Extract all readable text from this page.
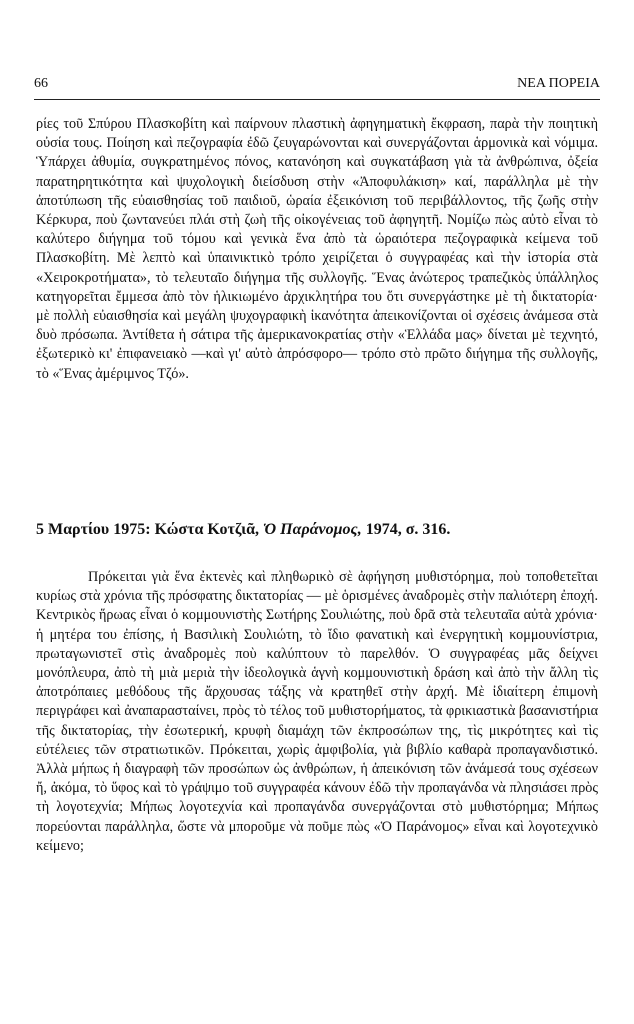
66	ΝΕΑ ΠΟΡΕΙΑ

ρίες τοῦ Σπύρου Πλασκοβίτη καὶ παίρνουν πλαστικὴ ἀφηγηματικὴ ἔκφραση, παρὰ τὴν ποιητικὴ οὐσία τους. Ποίηση καὶ πεζογραφία ἐδῶ ζευγαρώνονται καὶ συνεργάζονται ἁρμονικὰ καὶ νόμιμα. Ὑπάρχει ἀθυμία, συγκρατημένος πόνος, κατανόηση καὶ συγκατάβαση γιὰ τὰ ἀνθρώπινα, ὀξεία παρατηρητικότητα καὶ ψυχολογικὴ διείσδυση στὴν «Ἀποφυλάκιση» καί, παράλληλα μὲ τὴν ἀποτύπωση τῆς εὐαισθησίας τοῦ παιδιοῦ, ὡραία ἐξεικόνιση τοῦ περιβάλλοντος, τῆς ζωῆς στὴν Κέρκυρα, ποὺ ζωντανεύει πλάι στὴ ζωὴ τῆς οἰκογένειας τοῦ ἀφηγητῆ. Νομίζω πὼς αὐτὸ εἶναι τὸ καλύτερο διήγημα τοῦ τόμου καὶ γενικὰ ἕνα ἀπὸ τὰ ὡραιότερα πεζογραφικὰ κείμενα τοῦ Πλασκοβίτη. Μὲ λεπτὸ καὶ ὑπαινικτικὸ τρόπο χειρίζεται ὁ συγγραφέας καὶ τὴν ἱστορία στὰ «Χειροκροτήματα», τὸ τελευταῖο διήγημα τῆς συλλογῆς. Ἕνας ἀνώτερος τραπεζικὸς ὑπάλληλος κατηγορεῖται ἔμμεσα ἀπὸ τὸν ἡλικιωμένο ἀρχικλητήρα του ὅτι συνεργάστηκε μὲ τὴ δικτατορία· μὲ πολλὴ εὐαισθησία καὶ μεγάλη ψυχογραφικὴ ἱκανότητα ἀπεικονίζονται οἱ σχέσεις ἀνάμεσα στὰ δυὸ πρόσωπα. Ἀντίθετα ἡ σάτιρα τῆς ἀμερικανοκρατίας στὴν «Ἑλλάδα μας» δίνεται μὲ τεχνητό, ἐξωτερικὸ κι' ἐπιφανειακὸ —καὶ γι' αὐτὸ ἀπρόσφορο— τρόπο στὸ πρῶτο διήγημα τῆς συλλογῆς, τὸ «Ἕνας ἀμέριμνος Τζό».

5 Μαρτίου 1975: Κώστα Κοτζιᾶ, Ὁ Παράνομος, 1974, σ. 316.

Πρόκειται γιὰ ἕνα ἐκτενὲς καὶ πληθωρικὸ σὲ ἀφήγηση μυθιστόρημα, ποὺ τοποθετεῖται κυρίως στὰ χρόνια τῆς πρόσφατης δικτατορίας — μὲ ὁρισμένες ἀναδρομὲς στὴν παλιότερη ἐποχή. Κεντρικὸς ἥρωας εἶναι ὁ κομμουνιστὴς Σωτήρης Σουλιώτης, ποὺ δρᾶ στὰ τελευταῖα αὐτὰ χρόνια· ἡ μητέρα του ἐπίσης, ἡ Βασιλικὴ Σουλιώτη, τὸ ἴδιο φανατικὴ καὶ ἐνεργητικὴ κομμουνίστρια, πρωταγωνιστεῖ στὶς ἀναδρομὲς ποὺ καλύπτουν τὸ παρελθόν. Ὁ συγγραφέας μᾶς δείχνει μονόπλευρα, ἀπὸ τὴ μιὰ μεριὰ τὴν ἰδεολογικὰ ἁγνὴ κομμουνιστικὴ δράση καὶ ἀπὸ τὴν ἄλλη τὶς ἀποτρόπαιες μεθόδους τῆς ἄρχουσας τάξης νὰ κρατηθεῖ στὴν ἀρχή. Μὲ ἰδιαίτερη ἐπιμονὴ περιγράφει καὶ ἀναπαρασταίνει, πρὸς τὸ τέλος τοῦ μυθιστορήματος, τὰ φρικιαστικὰ βασανιστήρια τῆς δικτατορίας, τὴν ἐσωτερική, κρυφὴ διαμάχη τῶν ἐκπροσώπων της, τὶς μικρότητες καὶ τὶς εὐτέλειες τῶν στρατιωτικῶν. Πρόκειται, χωρὶς ἀμφιβολία, γιὰ βιβλίο καθαρὰ προπαγανδιστικό. Ἀλλὰ μήπως ἡ διαγραφὴ τῶν προσώπων ὡς ἀνθρώπων, ἡ ἀπεικόνιση τῶν ἀνάμεσά τους σχέσεων ἤ, ἀκόμα, τὸ ὕφος καὶ τὸ γράψιμο τοῦ συγγραφέα κάνουν ἐδῶ τὴν προπαγάνδα νὰ πλησιάσει πρὸς τὴ λογοτεχνία; Μήπως λογοτεχνία καὶ προπαγάνδα συνεργάζονται στὸ μυθιστόρημα; Μήπως πορεύονται παράλληλα, ὥστε νὰ μποροῦμε νὰ ποῦμε πὼς «Ὁ Παράνομος» εἶναι καὶ λογοτεχνικὸ κείμενο;
